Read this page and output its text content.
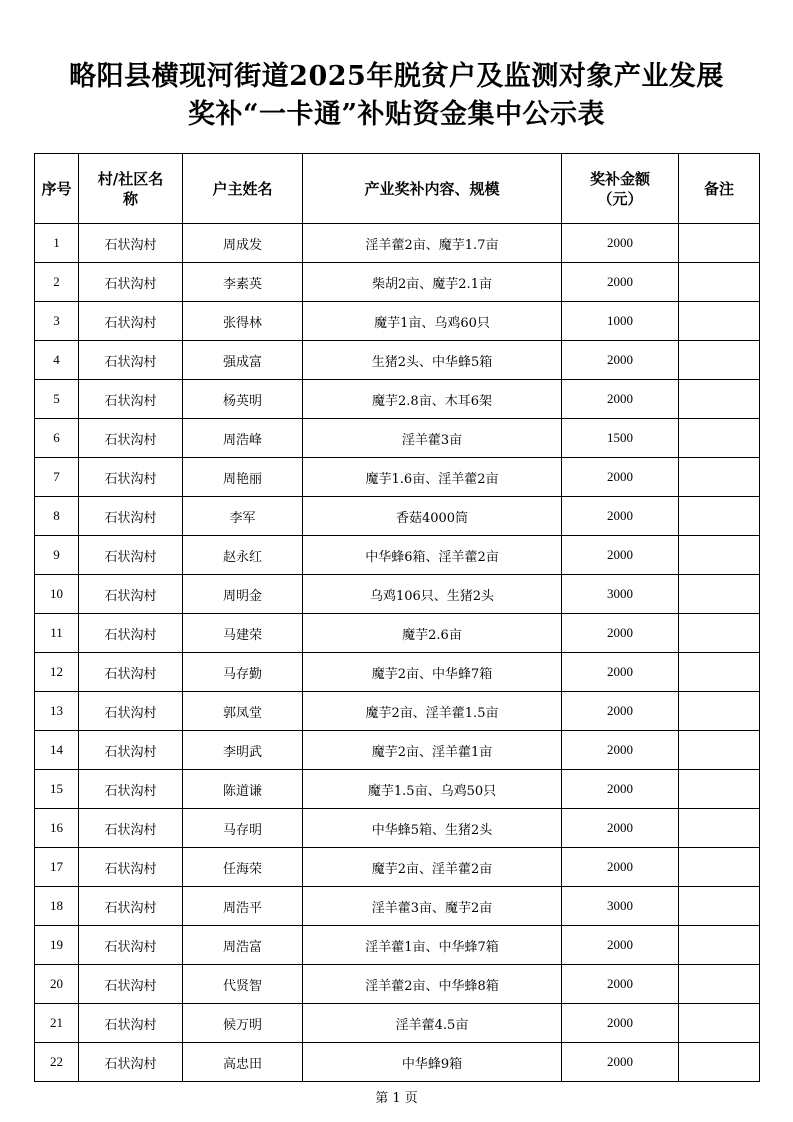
略阳县横现河街道2025年脱贫户及监测对象产业发展
奖补“一卡通”补贴资金集中公示表
序号	村/社区名称	户主姓名	产业奖补内容、规模	奖补金额（元）	备注
1	石状沟村	周成发	淫羊藿2亩、魔芋1.7亩	2000	
2	石状沟村	李素英	柴胡2亩、魔芋2.1亩	2000	
3	石状沟村	张得林	魔芋1亩、乌鸡60只	1000	
4	石状沟村	强成富	生猪2头、中华蜂5箱	2000	
5	石状沟村	杨英明	魔芋2.8亩、木耳6架	2000	
6	石状沟村	周浩峰	淫羊藿3亩	1500	
7	石状沟村	周艳丽	魔芋1.6亩、淫羊藿2亩	2000	
8	石状沟村	李军	香菇4000筒	2000	
9	石状沟村	赵永红	中华蜂6箱、淫羊藿2亩	2000	
10	石状沟村	周明金	乌鸡106只、生猪2头	3000	
11	石状沟村	马建荣	魔芋2.6亩	2000	
12	石状沟村	马存勤	魔芋2亩、中华蜂7箱	2000	
13	石状沟村	郭凤堂	魔芋2亩、淫羊藿1.5亩	2000	
14	石状沟村	李明武	魔芋2亩、淫羊藿1亩	2000	
15	石状沟村	陈道谦	魔芋1.5亩、乌鸡50只	2000	
16	石状沟村	马存明	中华蜂5箱、生猪2头	2000	
17	石状沟村	任海荣	魔芋2亩、淫羊藿2亩	2000	
18	石状沟村	周浩平	淫羊藿3亩、魔芋2亩	3000	
19	石状沟村	周浩富	淫羊藿1亩、中华蜂7箱	2000	
20	石状沟村	代贤智	淫羊藿2亩、中华蜂8箱	2000	
21	石状沟村	候万明	淫羊藿4.5亩	2000	
22	石状沟村	高忠田	中华蜂9箱	2000	
第 1 页
